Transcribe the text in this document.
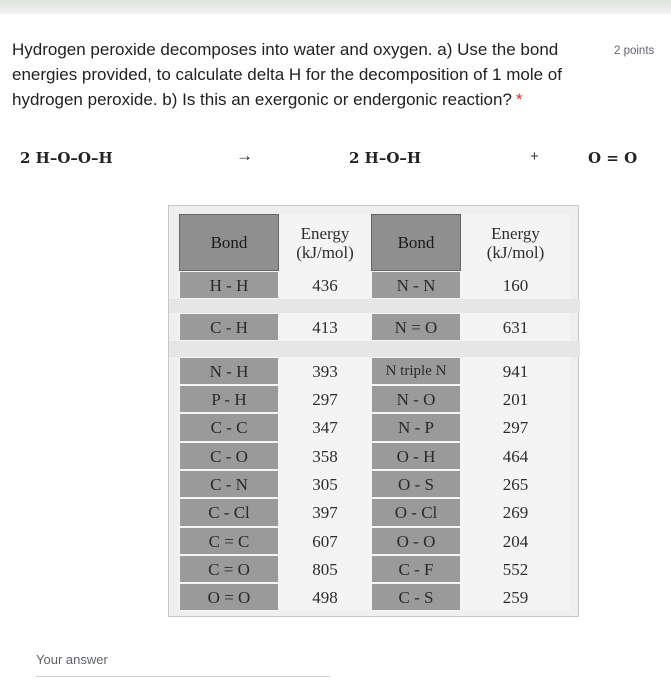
Hydrogen peroxide decomposes into water and oxygen. a) Use the bond energies provided, to calculate delta H for the decomposition of 1 mole of hydrogen peroxide. b) Is this an exergonic or endergonic reaction? *
2 points
2 H–O–O–H	→	2 H–O–H	+	O = O
Bond	Energy (kJ/mol)	Bond	Energy (kJ/mol)
H - H	436	N - N	160
C - H	413	N = O	631
N - H	393	N triple N	941
P - H	297	N - O	201
C - C	347	N - P	297
C - O	358	O - H	464
C - N	305	O - S	265
C - Cl	397	O - Cl	269
C = C	607	O - O	204
C = O	805	C - F	552
O = O	498	C - S	259
Your answer
